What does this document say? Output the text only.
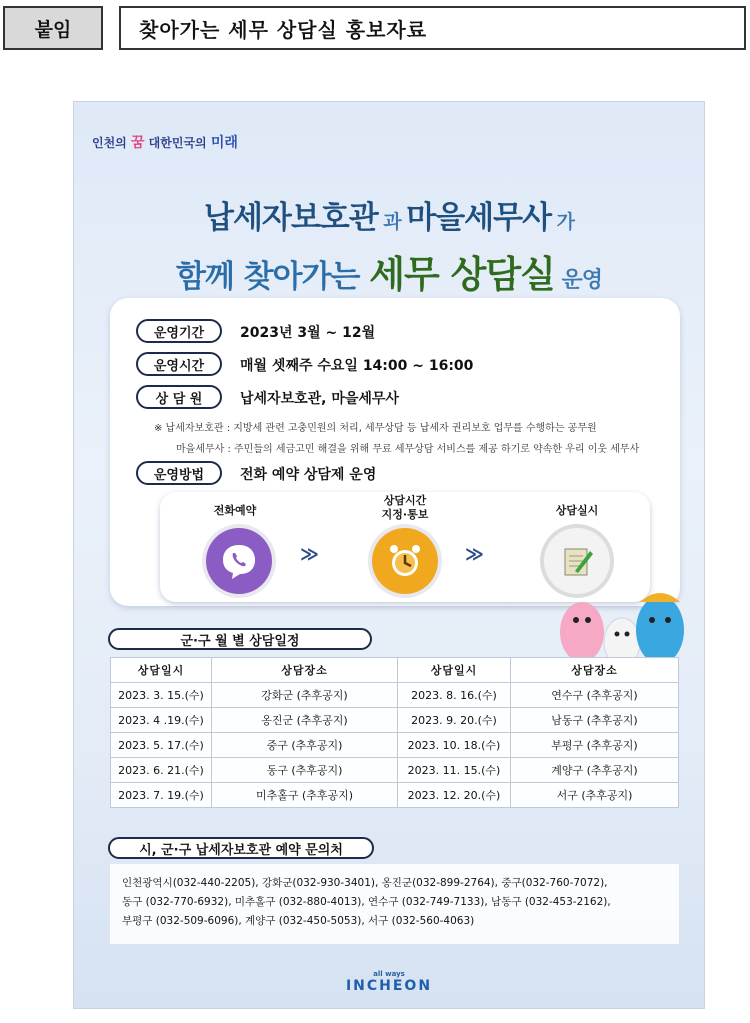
붙임	찾아가는 세무 상담실 홍보자료
인천의 꿈 대한민국의 미래
납세자보호관 과 마을세무사 가
함께 찾아가는 세무 상담실 운영
운영기간	2023년 3월 ~ 12월
운영시간	매월 셋째주 수요일 14:00 ~ 16:00
상 담 원	납세자보호관, 마을세무사
※ 납세자보호관 : 지방세 관련 고충민원의 처리, 세무상담 등 납세자 권리보호 업무를 수행하는 공무원
마을세무사 : 주민들의 세금고민 해결을 위해 무료 세무상담 서비스를 제공 하기로 약속한 우리 이웃 세무사
운영방법	전화 예약 상담제 운영
전화예약
≫
상담시간
지정·통보
≫
상담실시
군·구 월 별 상담일정
상담일시	상담장소	상담일시	상담장소
2023. 3. 15.(수)	강화군 (추후공지)	2023. 8. 16.(수)	연수구 (추후공지)
2023. 4 .19.(수)	옹진군 (추후공지)	2023. 9. 20.(수)	남동구 (추후공지)
2023. 5. 17.(수)	중구 (추후공지)	2023. 10. 18.(수)	부평구 (추후공지)
2023. 6. 21.(수)	동구 (추후공지)	2023. 11. 15.(수)	계양구 (추후공지)
2023. 7. 19.(수)	미추홀구 (추후공지)	2023. 12. 20.(수)	서구 (추후공지)
시, 군·구 납세자보호관 예약 문의처
인천광역시(032-440-2205), 강화군(032-930-3401), 옹진군(032-899-2764), 중구(032-760-7072),
동구 (032-770-6932), 미추홀구 (032-880-4013), 연수구 (032-749-7133), 남동구 (032-453-2162),
부평구 (032-509-6096), 계양구 (032-450-5053), 서구 (032-560-4063)
all ways
INCHEON
